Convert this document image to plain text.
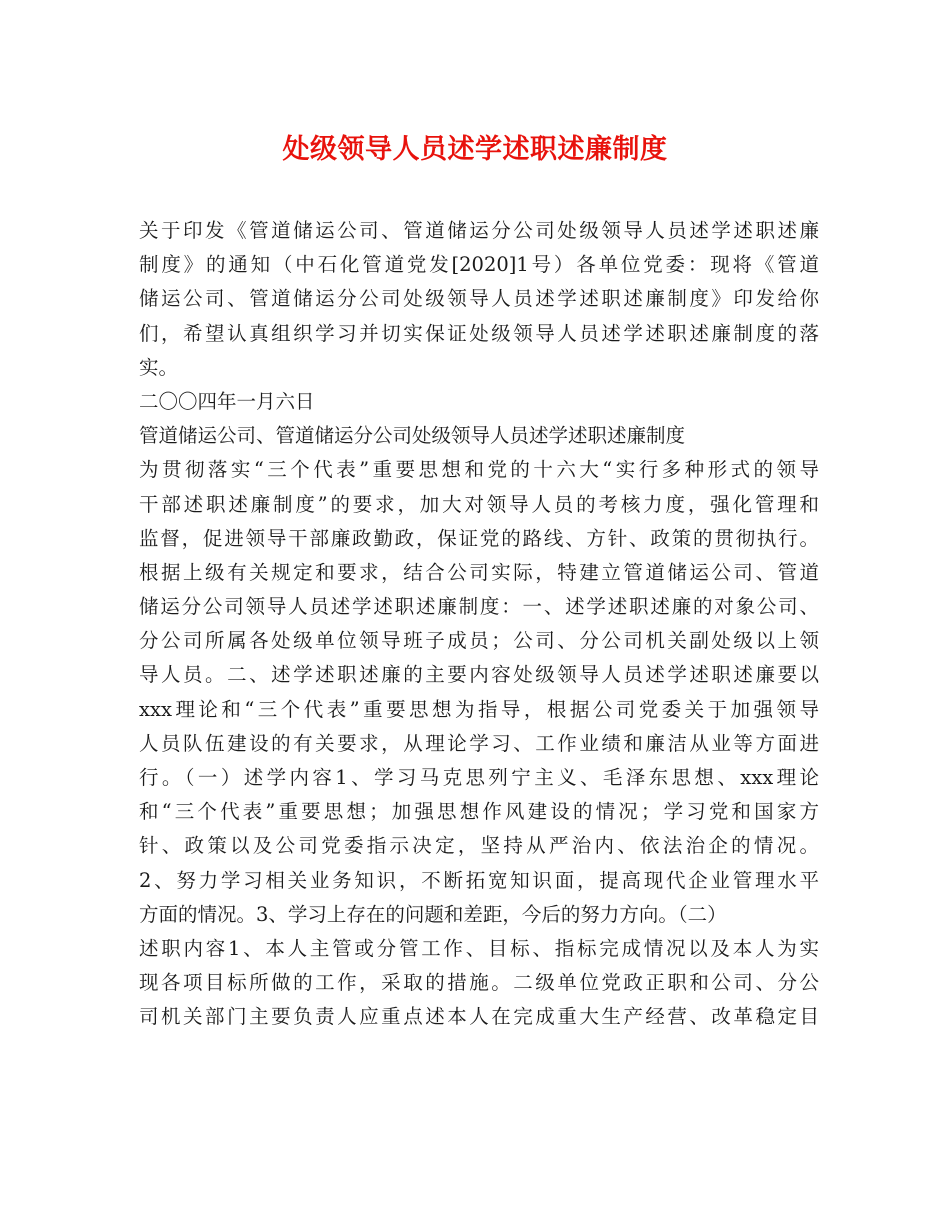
处级领导人员述学述职述廉制度
关于印发《管道储运公司、管道储运分公司处级领导人员述学述职述廉
制度》的通知（中石化管道党发[2020]1号）各单位党委：现将《管道
储运公司、管道储运分公司处级领导人员述学述职述廉制度》印发给你
们，希望认真组织学习并切实保证处级领导人员述学述职述廉制度的落
实。
二〇〇四年一月六日
管道储运公司、管道储运分公司处级领导人员述学述职述廉制度
为贯彻落实“三个代表”重要思想和党的十六大“实行多种形式的领导
干部述职述廉制度”的要求，加大对领导人员的考核力度，强化管理和
监督，促进领导干部廉政勤政，保证党的路线、方针、政策的贯彻执行。
根据上级有关规定和要求，结合公司实际，特建立管道储运公司、管道
储运分公司领导人员述学述职述廉制度：一、述学述职述廉的对象公司、
分公司所属各处级单位领导班子成员；公司、分公司机关副处级以上领
导人员。二、述学述职述廉的主要内容处级领导人员述学述职述廉要以
xxx理论和“三个代表”重要思想为指导，根据公司党委关于加强领导
人员队伍建设的有关要求，从理论学习、工作业绩和廉洁从业等方面进
行。（一）述学内容1、学习马克思列宁主义、毛泽东思想、xxx理论
和“三个代表”重要思想；加强思想作风建设的情况；学习党和国家方
针、政策以及公司党委指示决定，坚持从严治内、依法治企的情况。
2、努力学习相关业务知识，不断拓宽知识面，提高现代企业管理水平
方面的情况。3、学习上存在的问题和差距，今后的努力方向。（二）
述职内容1、本人主管或分管工作、目标、指标完成情况以及本人为实
现各项目标所做的工作，采取的措施。二级单位党政正职和公司、分公
司机关部门主要负责人应重点述本人在完成重大生产经营、改革稳定目
